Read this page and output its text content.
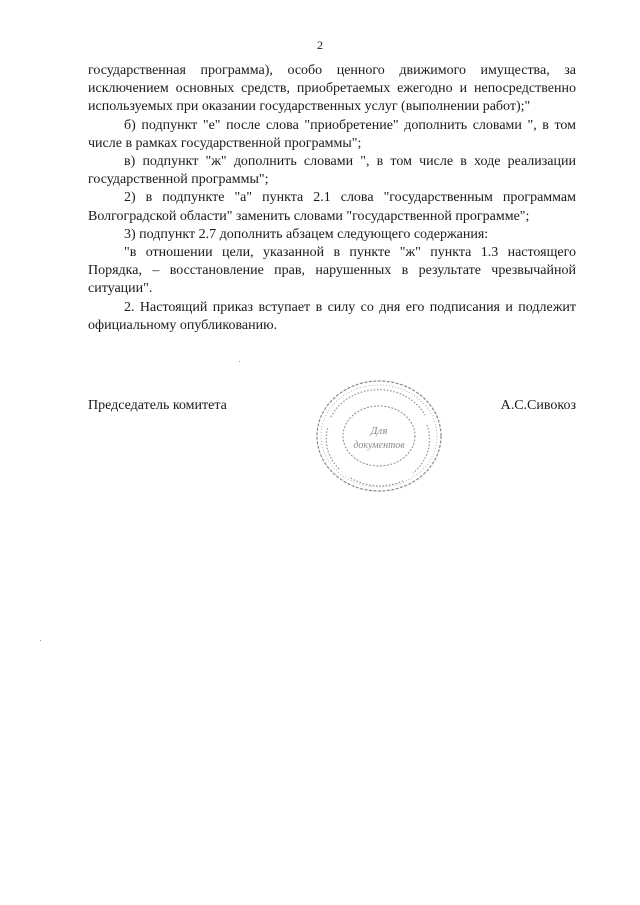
2

государственная программа), особо ценного движимого имущества, за исключением основных средств, приобретаемых ежегодно и непосредственно используемых при оказании государственных услуг (выполнении работ);"

б) подпункт "е" после слова "приобретение" дополнить словами ", в том числе в рамках государственной программы";

в) подпункт "ж" дополнить словами ", в том числе в ходе реализации государственной программы";

2) в подпункте "а" пункта 2.1 слова "государственным программам Волгоградской области" заменить словами "государственной программе";

3) подпункт 2.7 дополнить абзацем следующего содержания:

"в отношении цели, указанной в пункте "ж" пункта 1.3 настоящего Порядка, – восстановление прав, нарушенных в результате чрезвычайной ситуации".

2. Настоящий приказ вступает в силу со дня его подписания и подлежит официальному опубликованию.

Председатель комитета	А.С.Сивокоз
Для
документов
